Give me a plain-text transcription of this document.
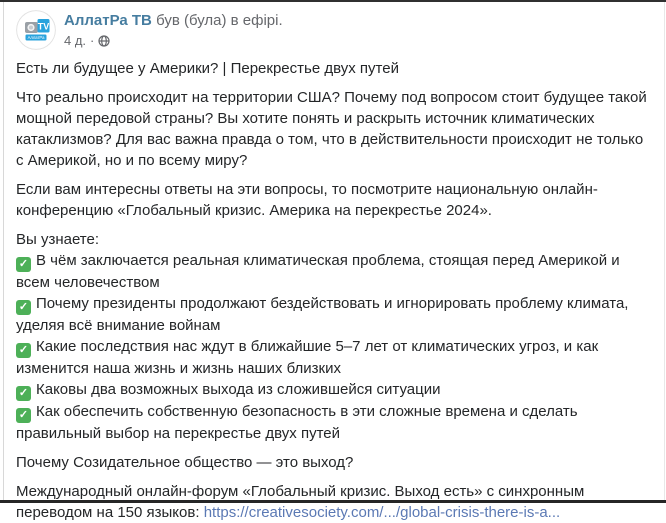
TV
АллатРа
АллатРа ТВ був (була) в ефірі.
4 д. ·

Есть ли будущее у Америки? | Перекрестье двух путей

Что реально происходит на территории США? Почему под вопросом стоит будущее такой мощной передовой страны? Вы хотите понять и раскрыть источник климатических катаклизмов? Для вас важна правда о том, что в действительности происходит не только с Америкой, но и по всему миру?

Если вам интересны ответы на эти вопросы, то посмотрите национальную онлайн-конференцию «Глобальный кризис. Америка на перекрестье 2024».

Вы узнаете:

✓ В чём заключается реальная климатическая проблема, стоящая перед Америкой и всем человечеством

✓ Почему президенты продолжают бездействовать и игнорировать проблему климата, уделяя всё внимание войнам

✓ Какие последствия нас ждут в ближайшие 5–7 лет от климатических угроз, и как изменится наша жизнь и жизнь наших близких

✓ Каковы два возможных выхода из сложившейся ситуации

✓ Как обеспечить собственную безопасность в эти сложные времена и сделать правильный выбор на перекрестье двух путей

Почему Созидательное общество — это выход?

Международный онлайн-форум «Глобальный кризис. Выход есть» с синхронным переводом на 150 языков: https://creativesociety.com/.../global-crisis-there-is-a...
